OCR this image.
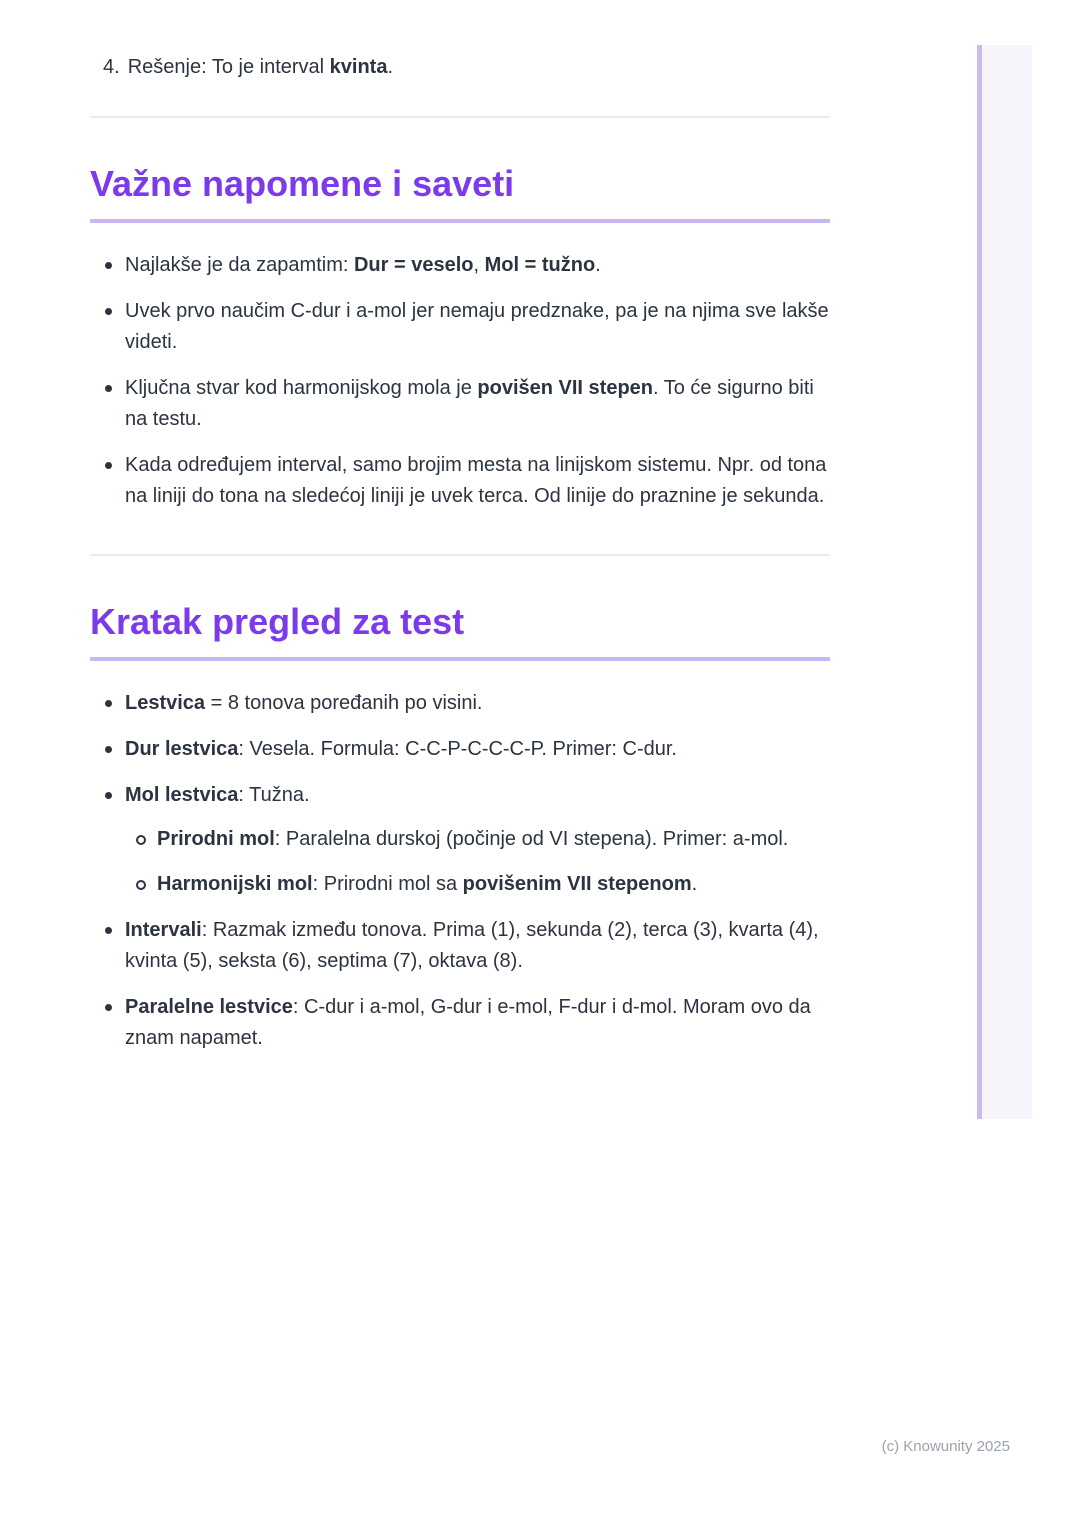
4. Rešenje: To je interval kvinta.
Važne napomene i saveti
Najlakše je da zapamtim: Dur = veselo, Mol = tužno.
Uvek prvo naučim C-dur i a-mol jer nemaju predznake, pa je na njima sve lakše videti.
Ključna stvar kod harmonijskog mola je povišen VII stepen. To će sigurno biti na testu.
Kada određujem interval, samo brojim mesta na linijskom sistemu. Npr. od tona na liniji do tona na sledećoj liniji je uvek terca. Od linije do praznine je sekunda.
Kratak pregled za test
Lestvica = 8 tonova poređanih po visini.
Dur lestvica: Vesela. Formula: C-C-P-C-C-C-P. Primer: C-dur.
Mol lestvica: Tužna.
Prirodni mol: Paralelna durskoj (počinje od VI stepena). Primer: a-mol.
Harmonijski mol: Prirodni mol sa povišenim VII stepenom.
Intervali: Razmak između tonova. Prima (1), sekunda (2), terca (3), kvarta (4), kvinta (5), seksta (6), septima (7), oktava (8).
Paralelne lestvice: C-dur i a-mol, G-dur i e-mol, F-dur i d-mol. Moram ovo da znam napamet.
(c) Knowunity 2025
